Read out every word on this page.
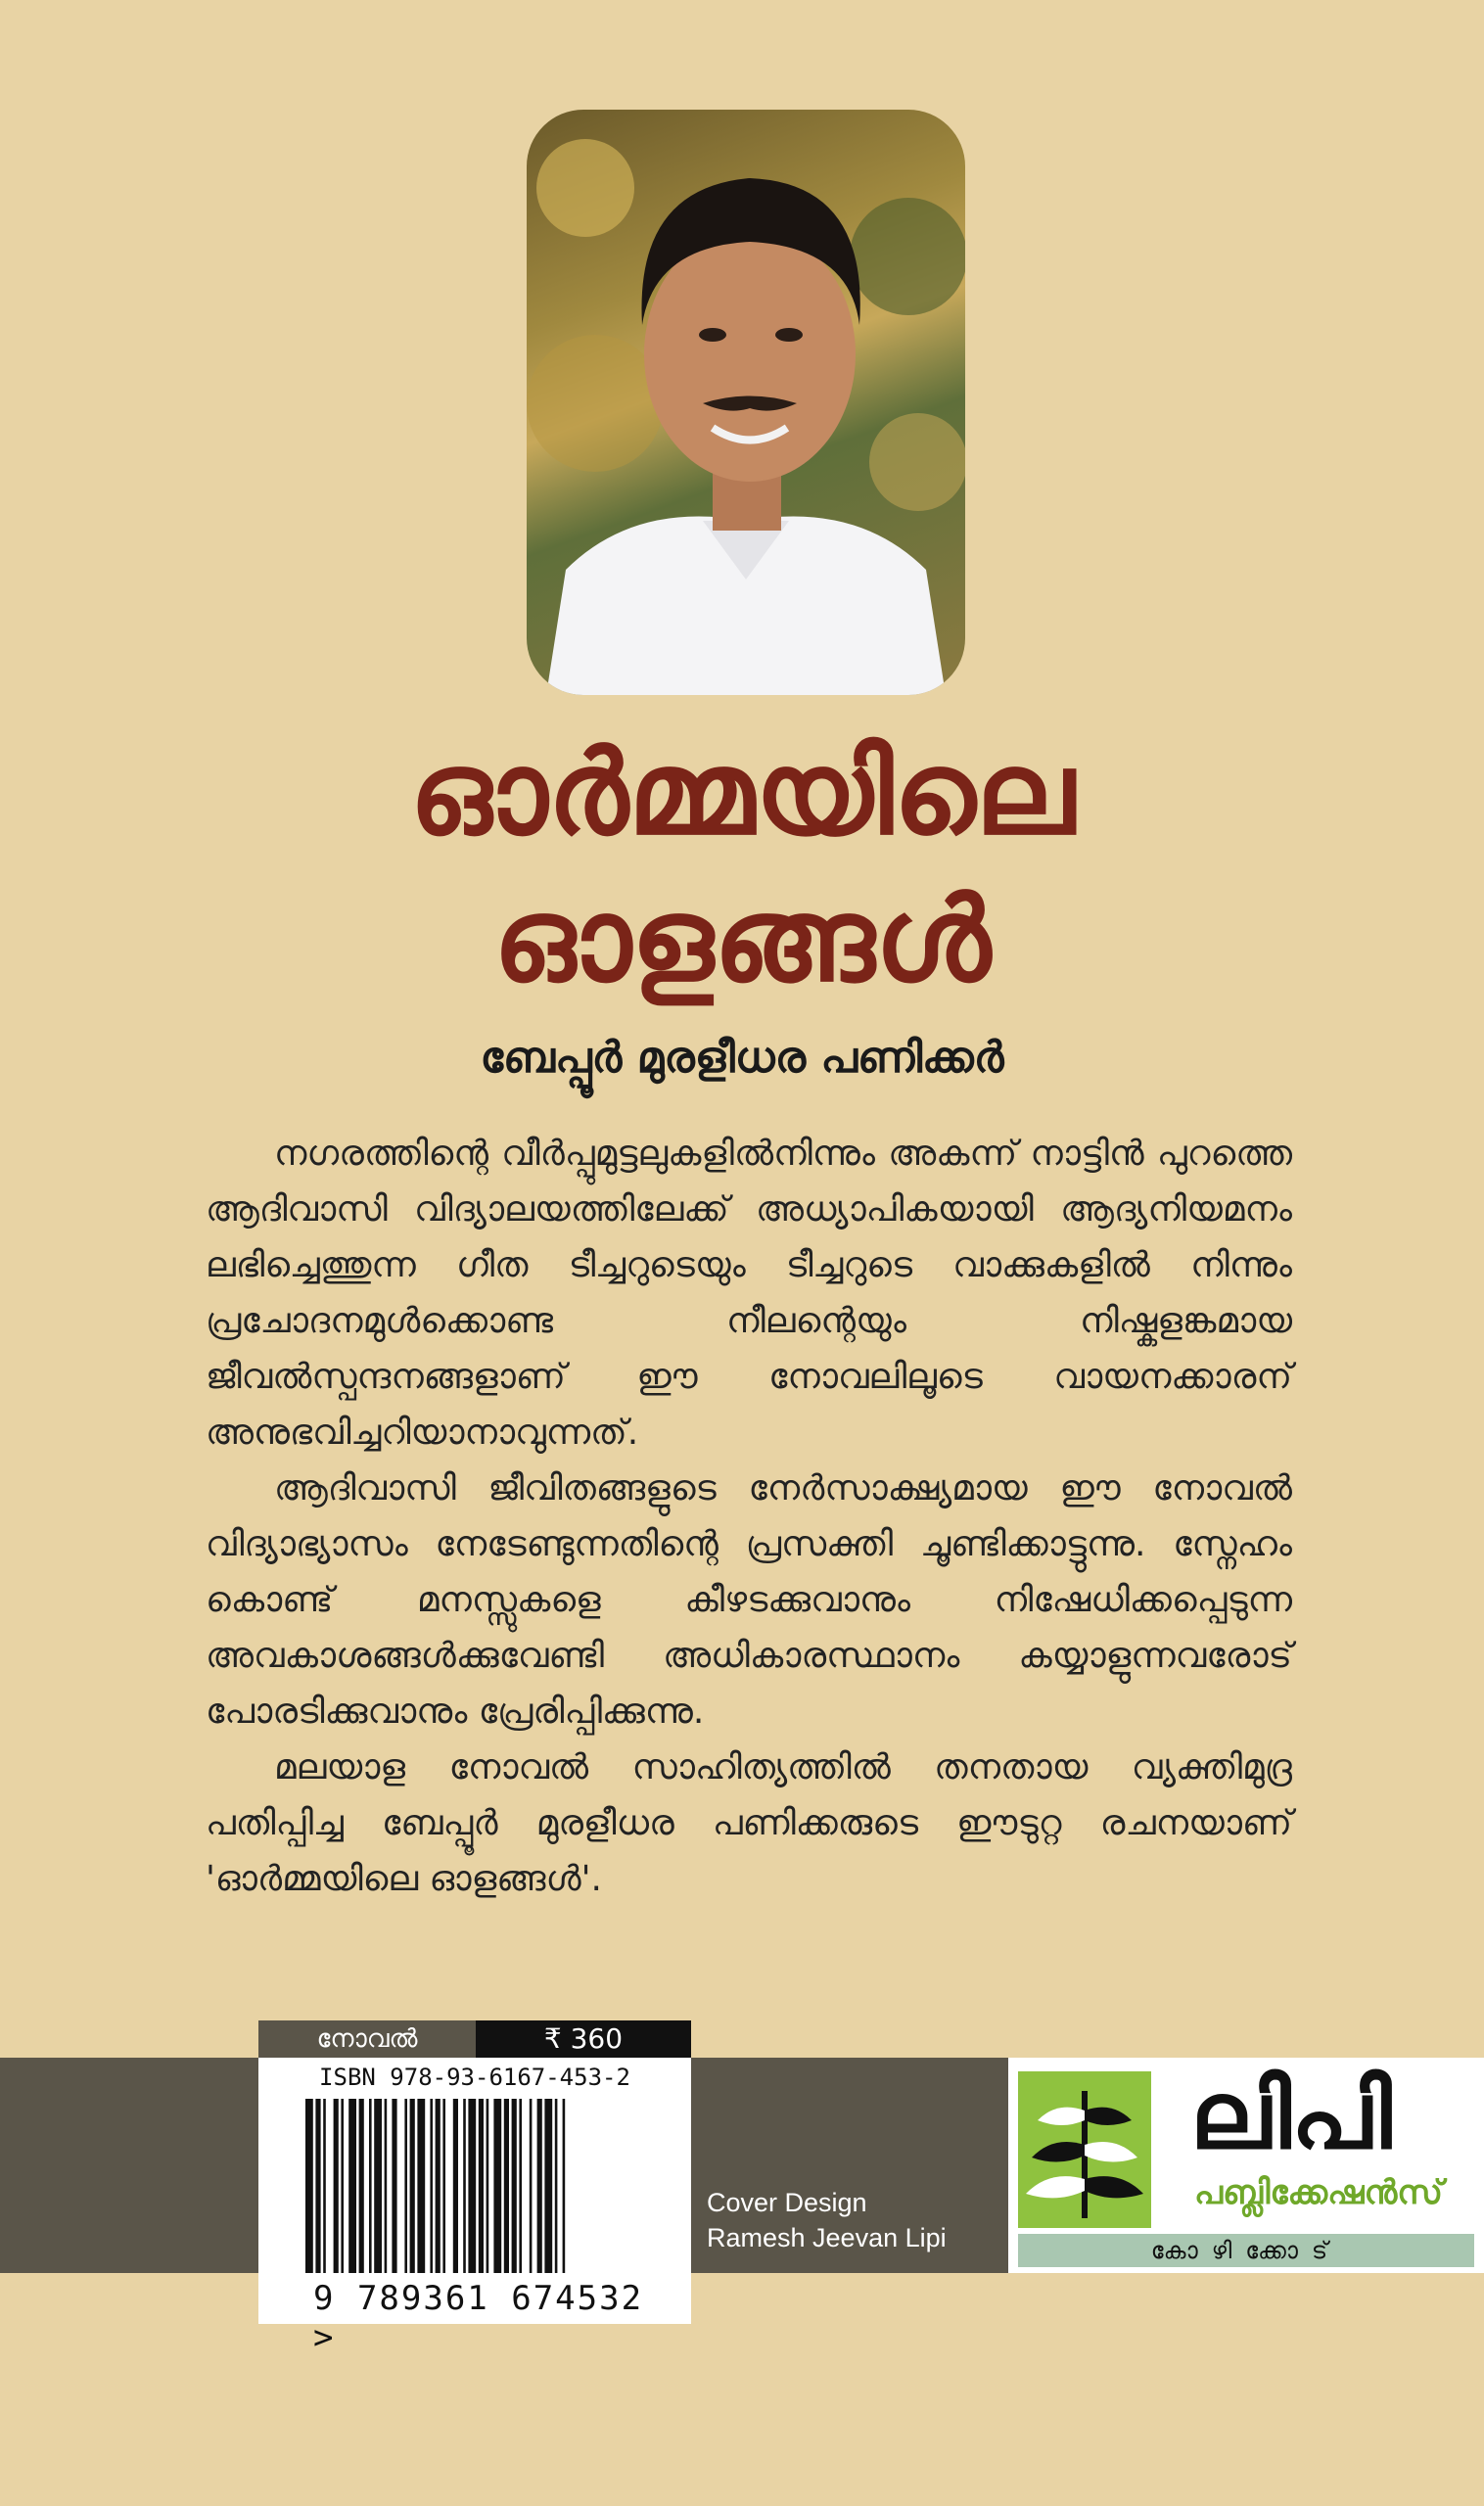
ഓർമ്മയിലെ
ഓളങ്ങൾ
ബേപ്പൂർ മുരളീധര പണിക്കർ

നഗരത്തിന്റെ വീർപ്പുമുട്ടലുകളിൽനിന്നും അകന്ന് നാട്ടിൻ പുറത്തെ ആദിവാസി വിദ്യാലയത്തിലേക്ക് അധ്യാപികയായി ആദ്യനിയമനം ലഭിച്ചെത്തുന്ന ഗീത ടീച്ചറുടെയും ടീച്ചറുടെ വാക്കുകളിൽ നിന്നും പ്രചോദനമുൾക്കൊണ്ട നീലന്റെയും നിഷ്കളങ്കമായ ജീവൽസ്പന്ദനങ്ങളാണ് ഈ നോവലിലൂടെ വായനക്കാരന് അനുഭവിച്ചറിയാനാവുന്നത്.

ആദിവാസി ജീവിതങ്ങളുടെ നേർസാക്ഷ്യമായ ഈ നോവൽ വിദ്യാഭ്യാസം നേടേണ്ടുന്നതിന്റെ പ്രസക്തി ചൂണ്ടിക്കാട്ടുന്നു. സ്നേഹം കൊണ്ട് മനസ്സുകളെ കീഴടക്കുവാനും നിഷേധിക്കപ്പെടുന്ന അവകാശങ്ങൾക്കുവേണ്ടി അധികാരസ്ഥാനം കയ്യാളുന്നവരോട് പോരടിക്കുവാനും പ്രേരിപ്പിക്കുന്നു.

മലയാള നോവൽ സാഹിത്യത്തിൽ തനതായ വ്യക്തിമുദ്ര പതിപ്പിച്ച ബേപ്പൂർ മുരളീധര പണിക്കരുടെ ഈടുറ്റ രചനയാണ് 'ഓർമ്മയിലെ ഓളങ്ങൾ'.

നോവൽ	₹ 360
ISBN 978-93-6167-453-2
9 789361 674532 >
Cover Design
Ramesh Jeevan Lipi
ലിപി
പബ്ലിക്കേഷൻസ്
കോഴിക്കോട്
